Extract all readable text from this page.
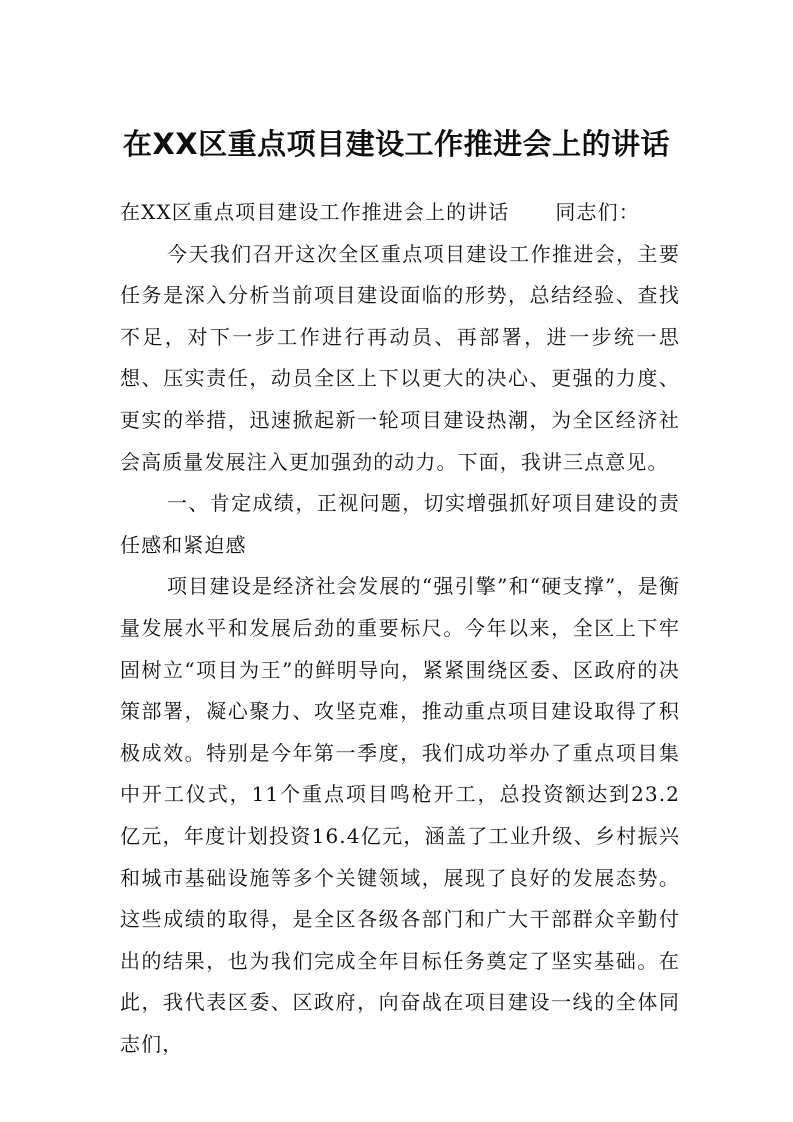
在XX区重点项目建设工作推进会上的讲话

在XX区重点项目建设工作推进会上的讲话 同志们：

今天我们召开这次全区重点项目建设工作推进会，主要任务是深入分析当前项目建设面临的形势，总结经验、查找不足，对下一步工作进行再动员、再部署，进一步统一思想、压实责任，动员全区上下以更大的决心、更强的力度、更实的举措，迅速掀起新一轮项目建设热潮，为全区经济社会高质量发展注入更加强劲的动力。下面，我讲三点意见。

一、肯定成绩，正视问题，切实增强抓好项目建设的责任感和紧迫感

项目建设是经济社会发展的“强引擎”和“硬支撑”，是衡量发展水平和发展后劲的重要标尺。今年以来，全区上下牢固树立“项目为王”的鲜明导向，紧紧围绕区委、区政府的决策部署，凝心聚力、攻坚克难，推动重点项目建设取得了积极成效。特别是今年第一季度，我们成功举办了重点项目集中开工仪式，11个重点项目鸣枪开工，总投资额达到23.2亿元，年度计划投资16.4亿元，涵盖了工业升级、乡村振兴和城市基础设施等多个关键领域，展现了良好的发展态势。这些成绩的取得，是全区各级各部门和广大干部群众辛勤付出的结果，也为我们完成全年目标任务奠定了坚实基础。在此，我代表区委、区政府，向奋战在项目建设一线的全体同志们，
